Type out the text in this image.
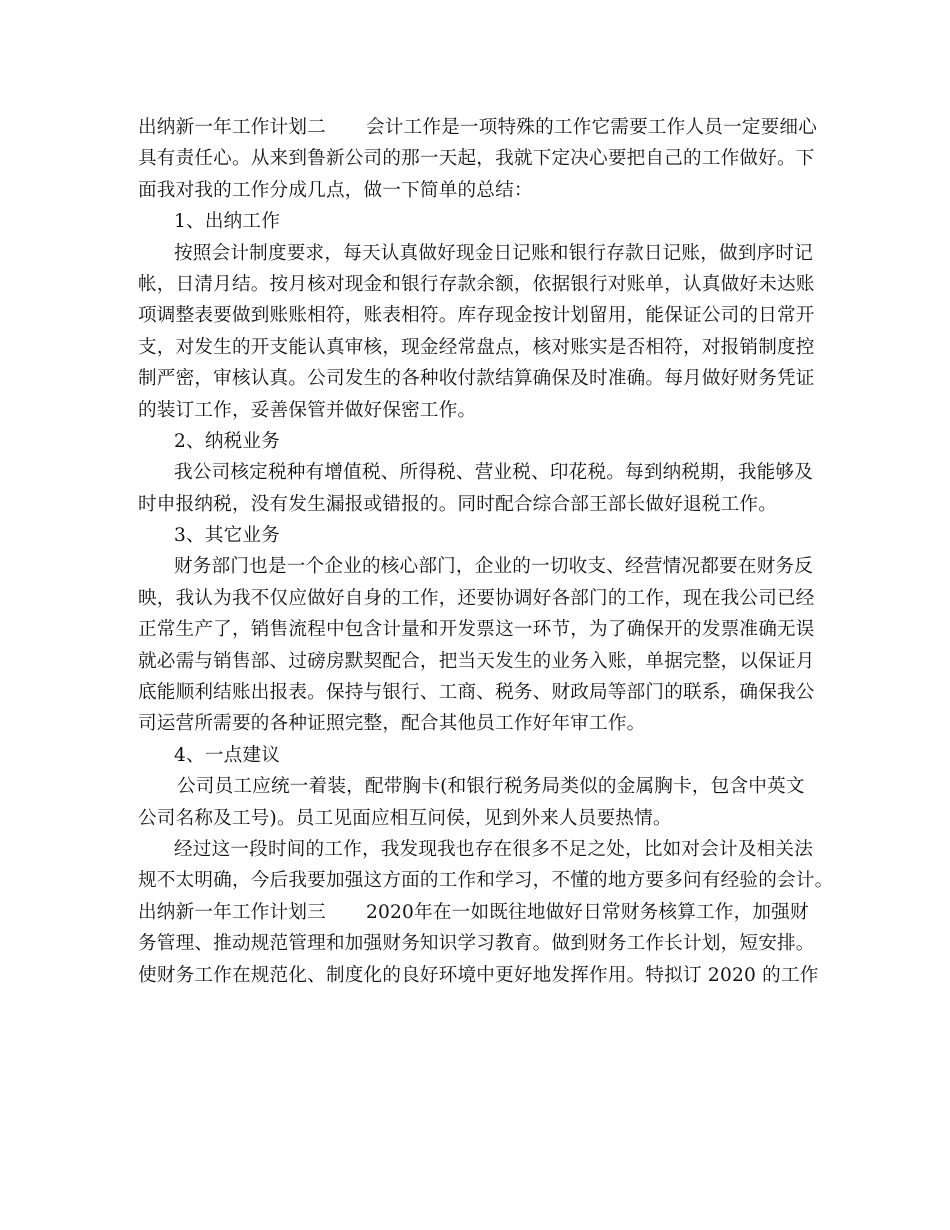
出纳新一年工作计划二 会计工作是一项特殊的工作它需要工作人员一定要细心
具有责任心。从来到鲁新公司的那一天起，我就下定决心要把自己的工作做好。下
面我对我的工作分成几点，做一下简单的总结：
1、出纳工作
按照会计制度要求，每天认真做好现金日记账和银行存款日记账，做到序时记
帐，日清月结。按月核对现金和银行存款余额，依据银行对账单，认真做好未达账
项调整表要做到账账相符，账表相符。库存现金按计划留用，能保证公司的日常开
支，对发生的开支能认真审核，现金经常盘点，核对账实是否相符，对报销制度控
制严密，审核认真。公司发生的各种收付款结算确保及时准确。每月做好财务凭证
的装订工作，妥善保管并做好保密工作。
2、纳税业务
我公司核定税种有增值税、所得税、营业税、印花税。每到纳税期，我能够及
时申报纳税，没有发生漏报或错报的。同时配合综合部王部长做好退税工作。
3、其它业务
财务部门也是一个企业的核心部门，企业的一切收支、经营情况都要在财务反
映，我认为我不仅应做好自身的工作，还要协调好各部门的工作，现在我公司已经
正常生产了，销售流程中包含计量和开发票这一环节，为了确保开的发票准确无误
就必需与销售部、过磅房默契配合，把当天发生的业务入账，单据完整，以保证月
底能顺利结账出报表。保持与银行、工商、税务、财政局等部门的联系，确保我公
司运营所需要的各种证照完整，配合其他员工作好年审工作。
4、一点建议
公司员工应统一着装，配带胸卡(和银行税务局类似的金属胸卡，包含中英文
公司名称及工号)。员工见面应相互问侯，见到外来人员要热情。
经过这一段时间的工作，我发现我也存在很多不足之处，比如对会计及相关法
规不太明确，今后我要加强这方面的工作和学习，不懂的地方要多问有经验的会计。
出纳新一年工作计划三 2020年在一如既往地做好日常财务核算工作，加强财
务管理、推动规范管理和加强财务知识学习教育。做到财务工作长计划，短安排。
使财务工作在规范化、制度化的良好环境中更好地发挥作用。特拟订 2020 的工作
